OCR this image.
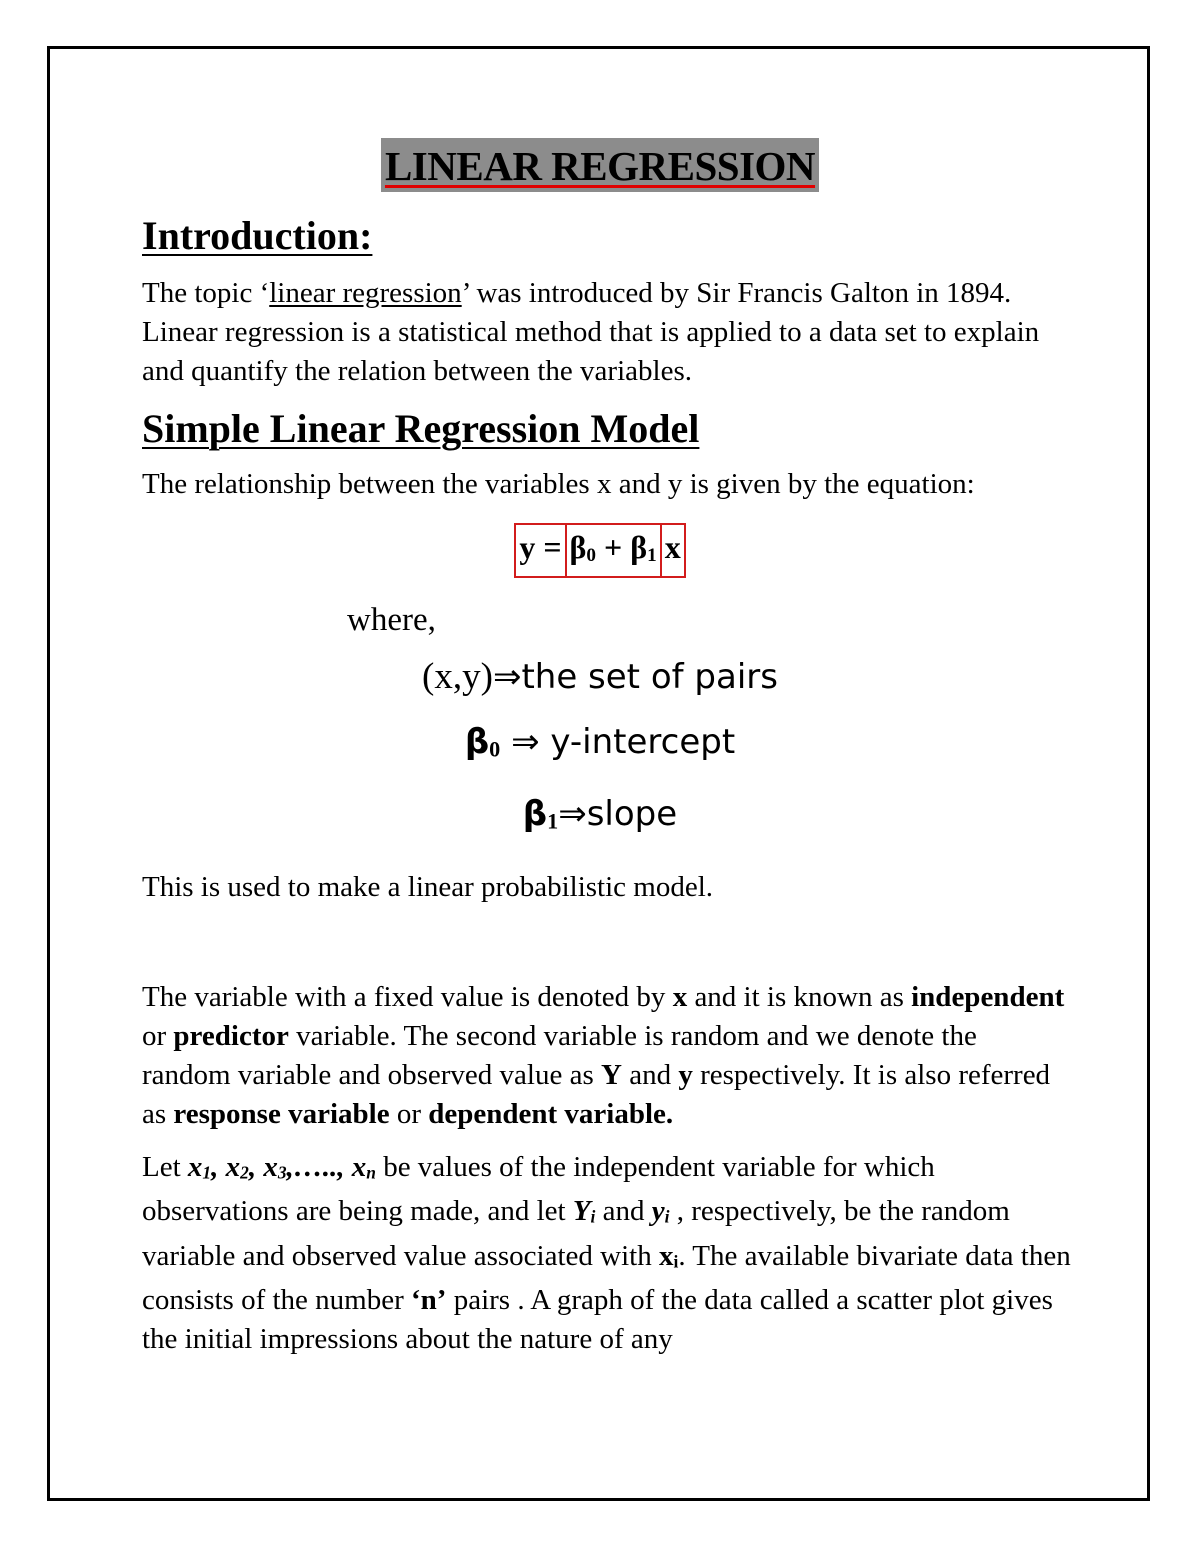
LINEAR REGRESSION
Introduction:

The topic ‘linear regression’ was introduced by Sir Francis Galton in 1894. Linear regression is a statistical method that is applied to a data set to explain and quantify the relation between the variables.

Simple Linear Regression Model

The relationship between the variables x and y is given by the equation:

$y = \beta_0 + \beta_1$ x
where,
(x,y)⇒the set of pairs
$\beta_0$ ⇒ y-intercept
$\beta_1\Rightarrow slope$

This is used to make a linear probabilistic model.

The variable with a fixed value is denoted by x and it is known as independent or predictor variable. The second variable is random and we denote the random variable and observed value as Y and y respectively. It is also referred as response variable or dependent variable.

Let $x_1$, $x_2$, $x_3,\dots$.., $x_n$ be values of the independent variable for which observations are being made, and let $Y_i$ and $y_i$ , respectively, be the random variable and observed value associated with $x_i$. The available bivariate data then consists of the number ‘n’ pairs . A graph of the data called a scatter plot gives the initial impressions about the nature of any
